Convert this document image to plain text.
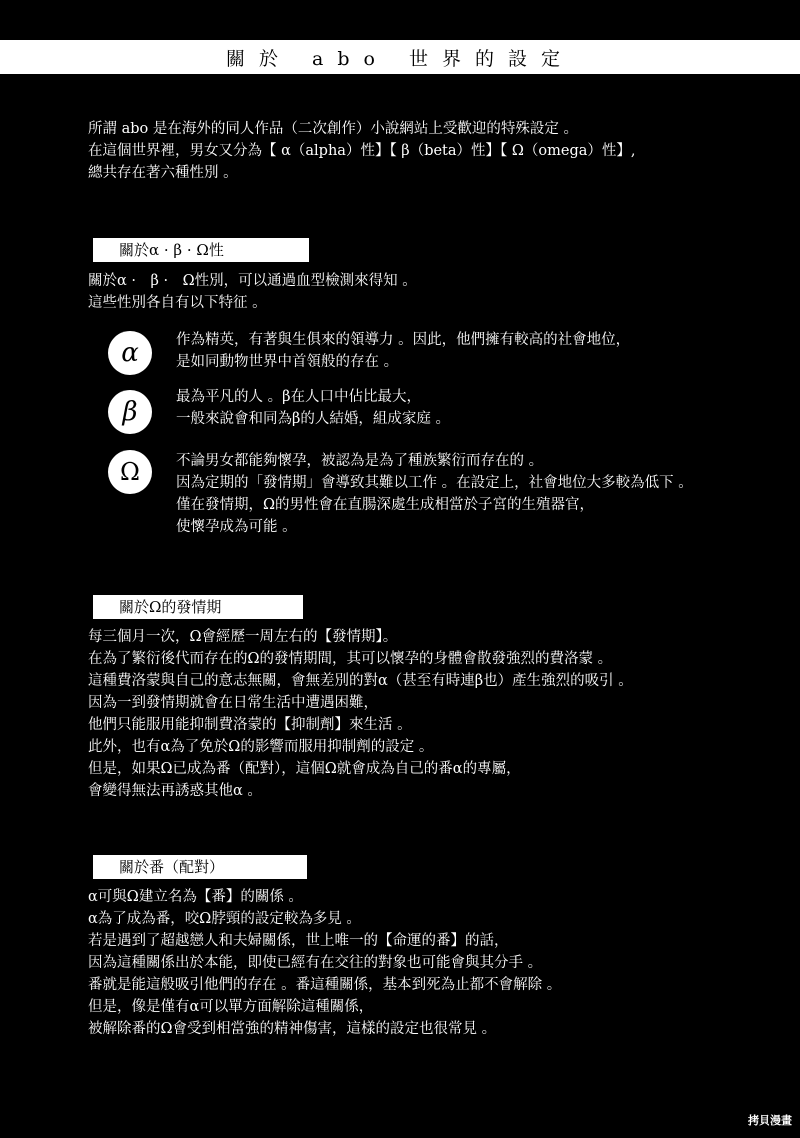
關於 abo 世界的設定

所謂 abo 是在海外的同人作品（二次創作）小說網站上受歡迎的特殊設定 。

在這個世界裡，男女又分為【 α（alpha）性】【 β（beta）性】【 Ω（omega）性】,

總共存在著六種性別 。

關於α · β · Ω性

關於α ·　β ·　Ω性別，可以通過血型檢測來得知 。

這些性別各自有以下特征 。

α	作為精英，有著與生俱來的領導力 。因此，他們擁有較高的社會地位，

是如同動物世界中首領般的存在 。

β	最為平凡的人 。β在人口中佔比最大，

一般來說會和同為β的人結婚，組成家庭 。

Ω 不論男女都能夠懷孕，被認為是為了種族繁衍而存在的 。

因為定期的「發情期」會導致其難以工作 。在設定上，社會地位大多較為低下 。

僅在發情期，Ω的男性會在直腸深處生成相當於子宮的生殖器官，

使懷孕成為可能 。

關於Ω的發情期

每三個月一次，Ω會經歷一周左右的【發情期】。

在為了繁衍後代而存在的Ω的發情期間，其可以懷孕的身體會散發強烈的費洛蒙 。

這種費洛蒙與自己的意志無關，會無差別的對α（甚至有時連β也）產生強烈的吸引 。

因為一到發情期就會在日常生活中遭遇困難，

他們只能服用能抑制費洛蒙的【抑制劑】來生活 。

此外，也有α為了免於Ω的影響而服用抑制劑的設定 。

但是，如果Ω已成為番（配對），這個Ω就會成為自己的番α的專屬，

會變得無法再誘惑其他α 。

關於番（配對）

α可與Ω建立名為【番】的關係 。

α為了成為番，咬Ω脖頸的設定較為多見 。

若是遇到了超越戀人和夫婦關係，世上唯一的【命運的番】的話，

因為這種關係出於本能，即使已經有在交往的對象也可能會與其分手 。

番就是能這般吸引他們的存在 。番這種關係，基本到死為止都不會解除 。

但是，像是僅有α可以單方面解除這種關係，

被解除番的Ω會受到相當強的精神傷害，這樣的設定也很常見 。

拷貝漫畫
